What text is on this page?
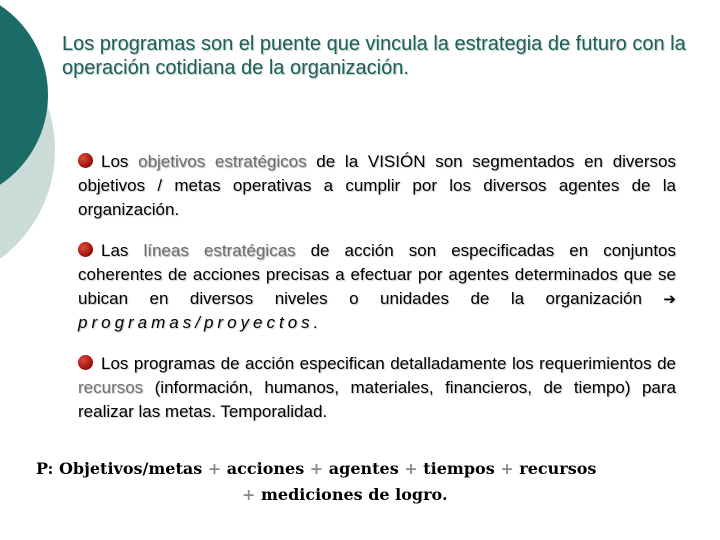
Los programas son el puente que vincula la estrategia de futuro con la operación cotidiana de la organización.

Los objetivos estratégicos de la VISIÓN son segmentados en diversos objetivos / metas operativas a cumplir por los diversos agentes de la organización.

Las líneas estratégicas de acción son especificadas en conjuntos coherentes de acciones precisas a efectuar por agentes determinados que se ubican en diversos niveles o unidades de la organización ➔ programas/proyectos.

Los programas de acción especifican detalladamente los requerimientos de recursos (información, humanos, materiales, financieros, de tiempo) para realizar las metas. Temporalidad.

P: Objetivos/metas + acciones + agentes + tiempos + recursos
+ mediciones de logro.
